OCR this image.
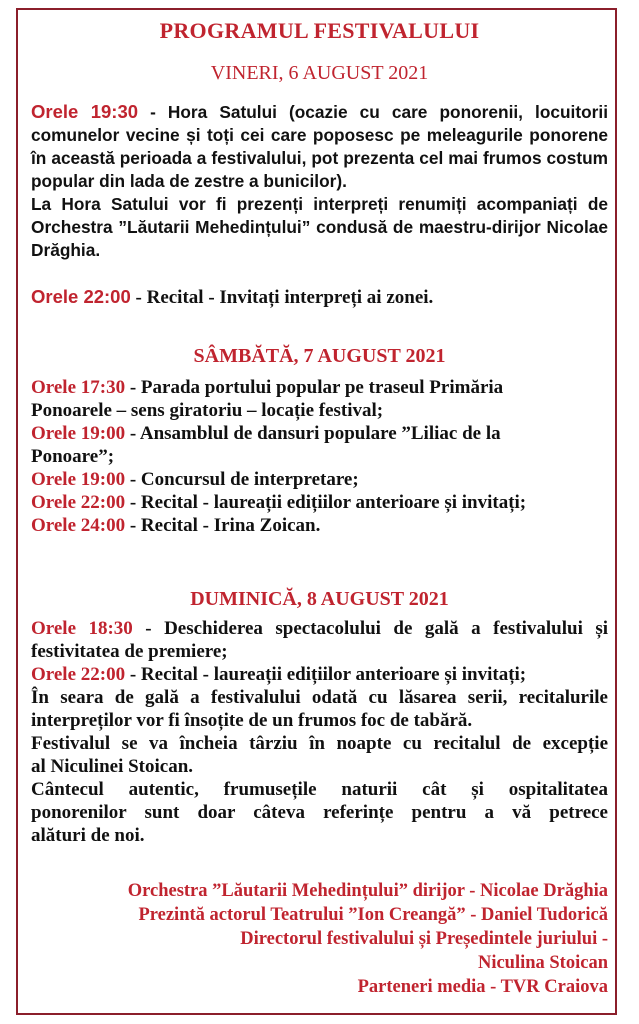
PROGRAMUL FESTIVALULUI
VINERI, 6 AUGUST 2021
Orele 19:30 - Hora Satului (ocazie cu care ponorenii, locuitorii
comunelor vecine și toți cei care poposesc pe meleagurile ponorene
în această perioada a festivalului, pot prezenta cel mai frumos costum
popular din lada de zestre a bunicilor).
La Hora Satului vor fi prezenți interpreți renumiți acompaniați de
Orchestra ”Lăutarii Mehedințului” condusă de maestru-dirijor Nicolae
Drăghia.
Orele 22:00 - Recital - Invitați interpreți ai zonei.
SÂMBĂTĂ, 7 AUGUST 2021
Orele 17:30 - Parada portului popular pe traseul Primăria
Ponoarele – sens giratoriu – locație festival;
Orele 19:00 - Ansamblul de dansuri populare ”Liliac de la
Ponoare”;
Orele 19:00 - Concursul de interpretare;
Orele 22:00 - Recital - laureații edițiilor anterioare și invitați;
Orele 24:00 - Recital - Irina Zoican.
DUMINICĂ, 8 AUGUST 2021
Orele 18:30 - Deschiderea spectacolului de gală a festivalului și
festivitatea de premiere;
Orele 22:00 - Recital - laureații edițiilor anterioare și invitați;
În seara de gală a festivalului odată cu lăsarea serii, recitalurile
interpreților vor fi însoțite de un frumos foc de tabără.
Festivalul se va încheia târziu în noapte cu recitalul de excepție
al Niculinei Stoican.
Cântecul autentic, frumusețile naturii cât și ospitalitatea
ponorenilor sunt doar câteva referințe pentru a vă petrece
alături de noi.
Orchestra ”Lăutarii Mehedințului” dirijor - Nicolae Drăghia
Prezintă actorul Teatrului ”Ion Creangă” - Daniel Tudorică
Directorul festivalului și Președintele juriului -
Niculina Stoican
Parteneri media - TVR Craiova
